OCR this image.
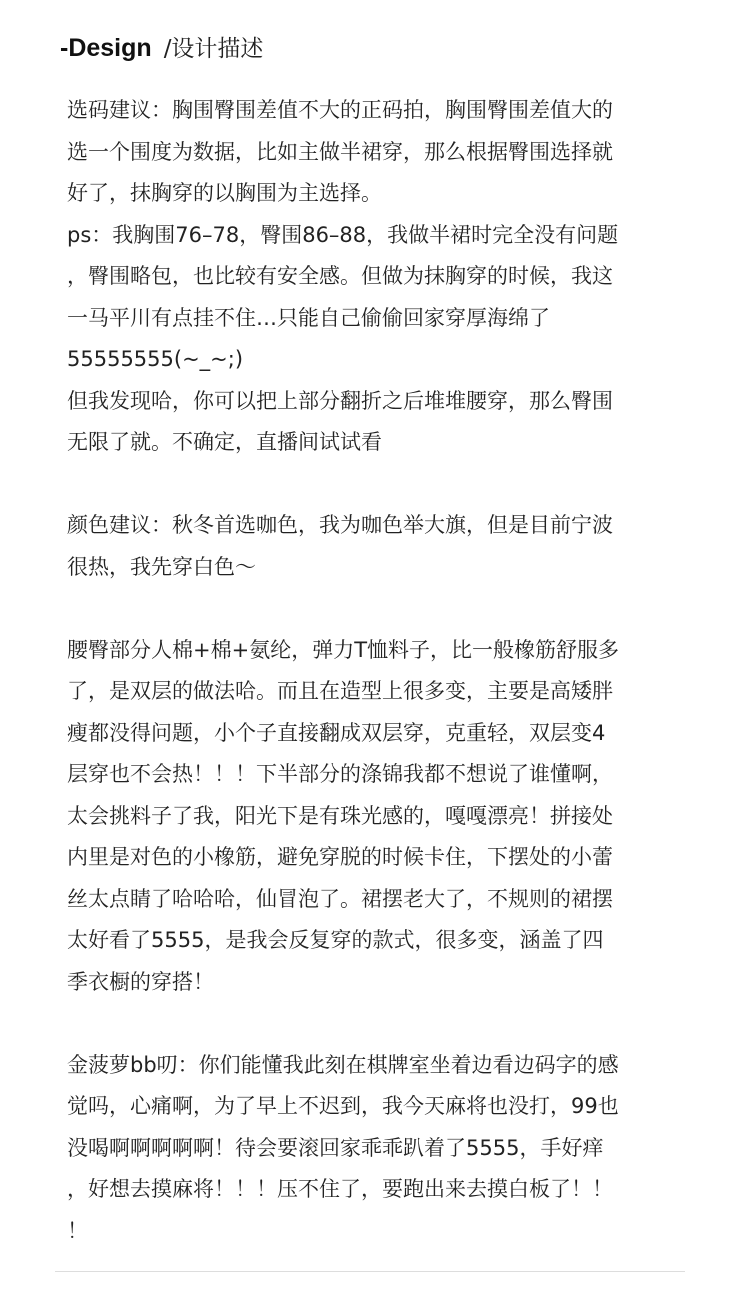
-Design /设计描述
选码建议：胸围臀围差值不大的正码拍，胸围臀围差值大的
选一个围度为数据，比如主做半裙穿，那么根据臀围选择就
好了，抹胸穿的以胸围为主选择。
ps：我胸围76–78，臀围86–88，我做半裙时完全没有问题
，臀围略包，也比较有安全感。但做为抹胸穿的时候，我这
一马平川有点挂不住…只能自己偷偷回家穿厚海绵了
55555555(~_~;)
但我发现哈，你可以把上部分翻折之后堆堆腰穿，那么臀围
无限了就。不确定，直播间试试看
颜色建议：秋冬首选咖色，我为咖色举大旗，但是目前宁波
很热，我先穿白色～
腰臀部分人棉+棉+氨纶，弹力T恤料子，比一般橡筋舒服多
了，是双层的做法哈。而且在造型上很多变，主要是高矮胖
瘦都没得问题，小个子直接翻成双层穿，克重轻，双层变4
层穿也不会热！！！下半部分的涤锦我都不想说了谁懂啊，
太会挑料子了我，阳光下是有珠光感的，嘎嘎漂亮！拼接处
内里是对色的小橡筋，避免穿脱的时候卡住，下摆处的小蕾
丝太点睛了哈哈哈，仙冒泡了。裙摆老大了，不规则的裙摆
太好看了5555，是我会反复穿的款式，很多变，涵盖了四
季衣橱的穿搭！
金菠萝bb叨：你们能懂我此刻在棋牌室坐着边看边码字的感
觉吗，心痛啊，为了早上不迟到，我今天麻将也没打，99也
没喝啊啊啊啊啊！待会要滚回家乖乖趴着了5555，手好痒
，好想去摸麻将！！！压不住了，要跑出来去摸白板了！！
！
